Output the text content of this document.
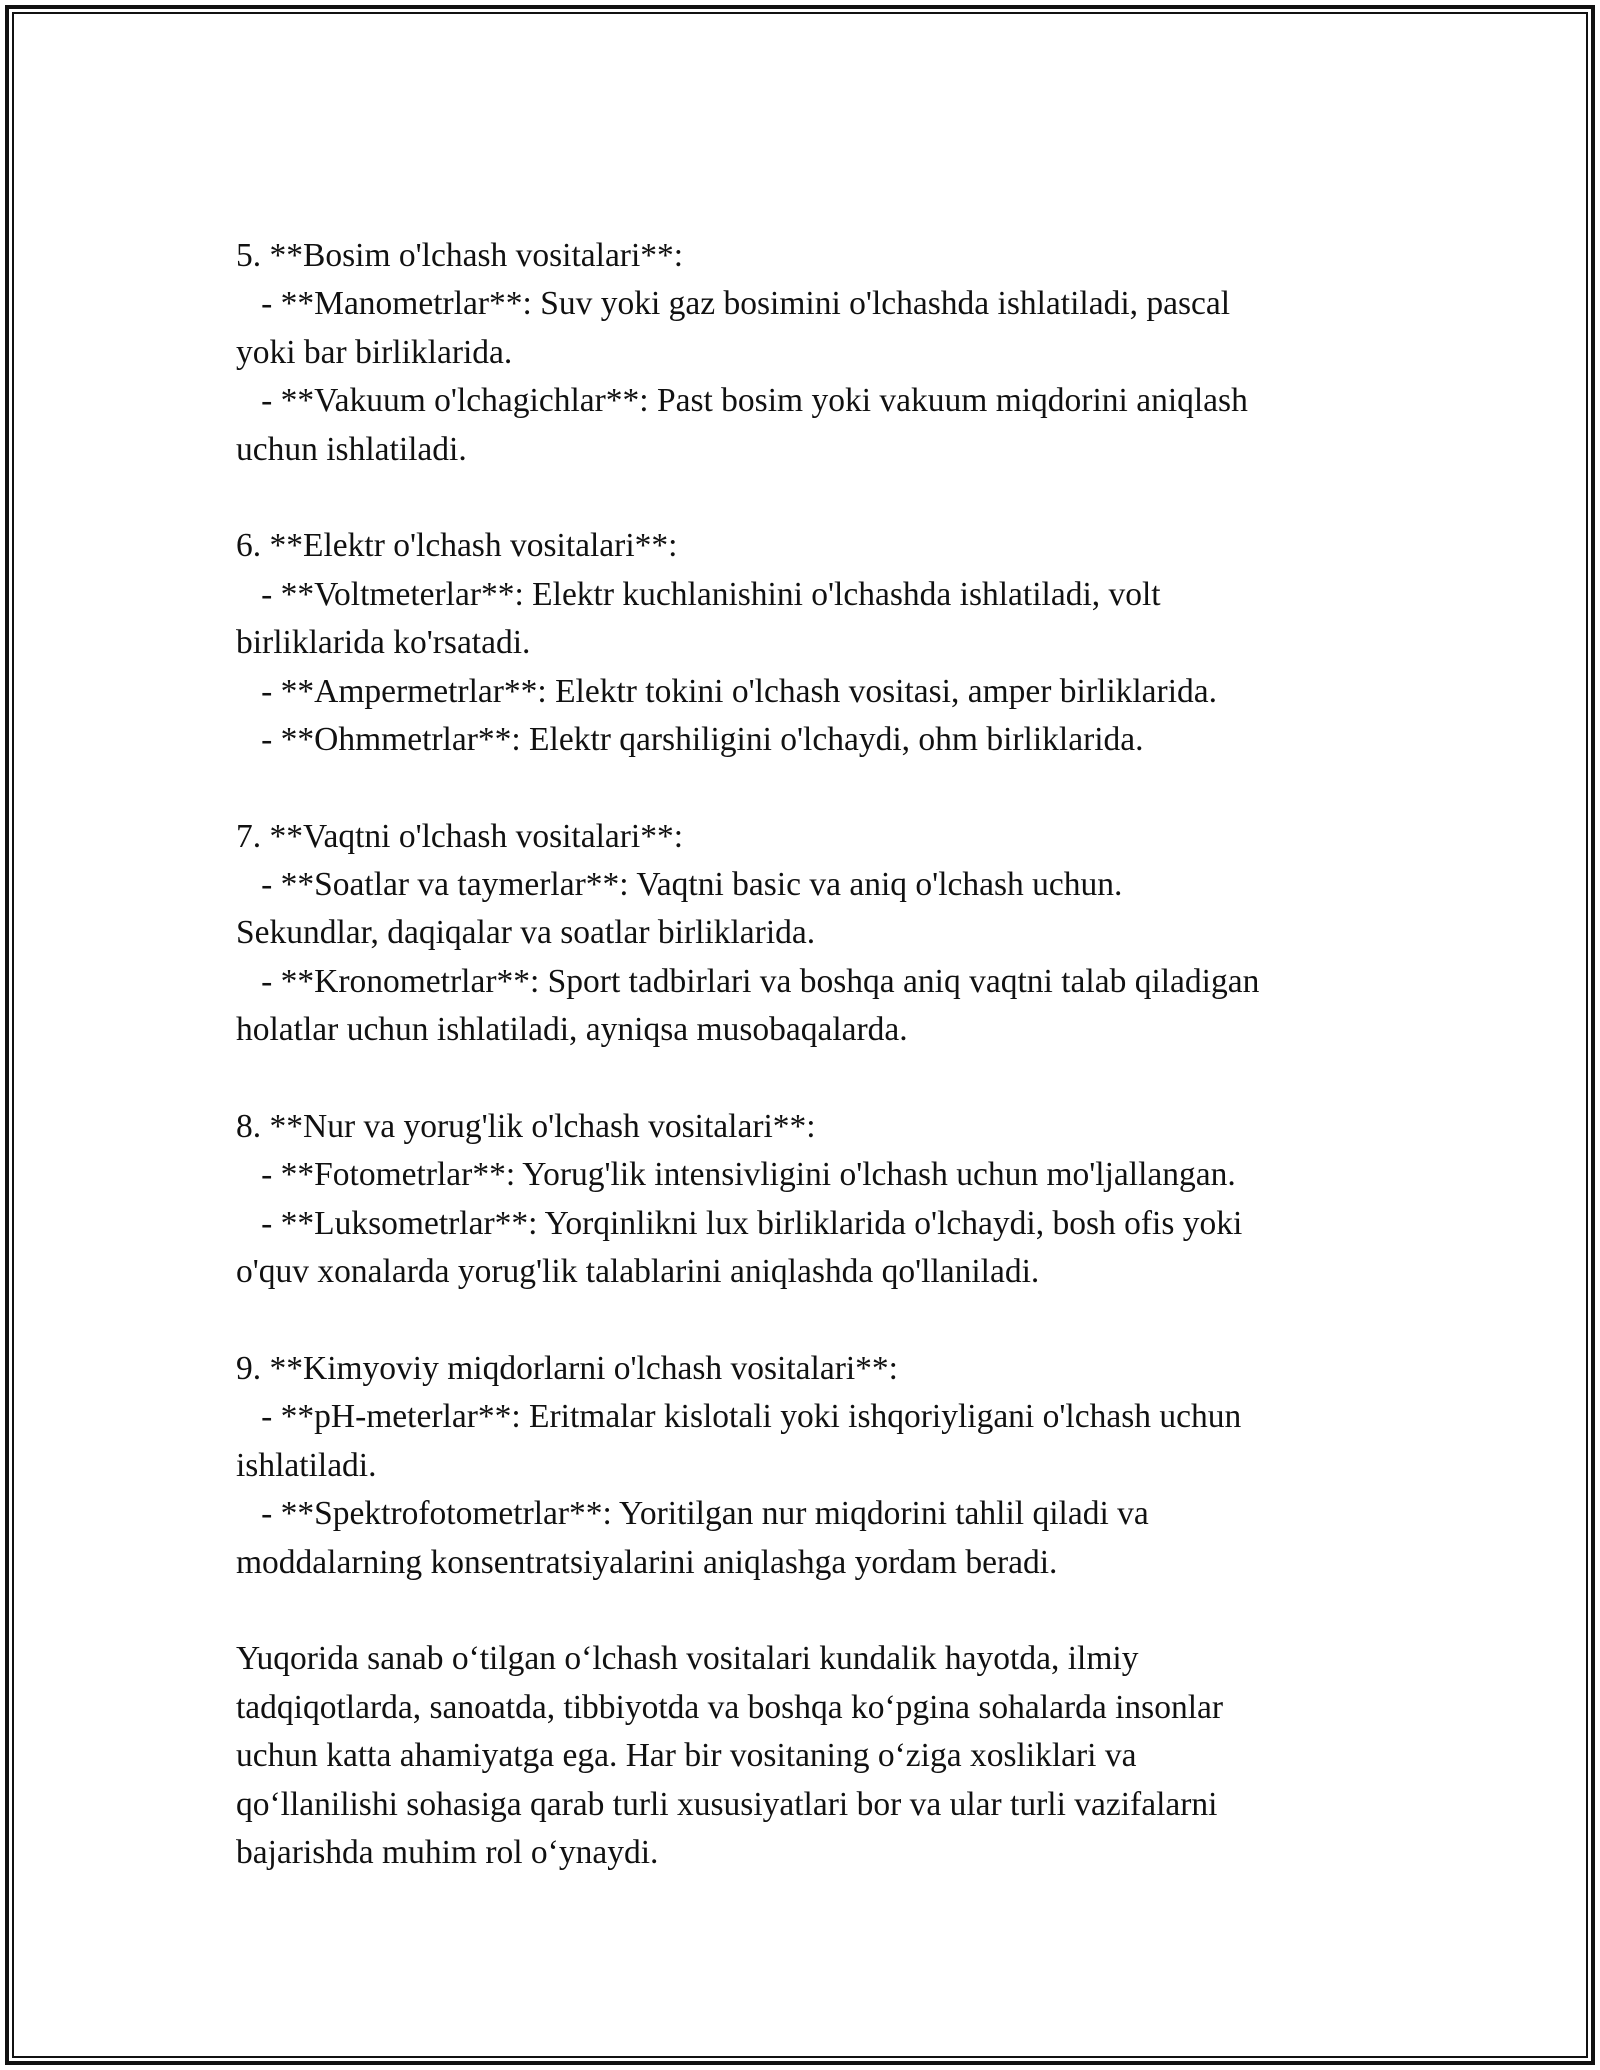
5. **Bosim o'lchash vositalari**:
- **Manometrlar**: Suv yoki gaz bosimini o'lchashda ishlatiladi, pascal
yoki bar birliklarida.
- **Vakuum o'lchagichlar**: Past bosim yoki vakuum miqdorini aniqlash
uchun ishlatiladi.
6. **Elektr o'lchash vositalari**:
- **Voltmeterlar**: Elektr kuchlanishini o'lchashda ishlatiladi, volt
birliklarida ko'rsatadi.
- **Ampermetrlar**: Elektr tokini o'lchash vositasi, amper birliklarida.
- **Ohmmetrlar**: Elektr qarshiligini o'lchaydi, ohm birliklarida.
7. **Vaqtni o'lchash vositalari**:
- **Soatlar va taymerlar**: Vaqtni basic va aniq o'lchash uchun.
Sekundlar, daqiqalar va soatlar birliklarida.
- **Kronometrlar**: Sport tadbirlari va boshqa aniq vaqtni talab qiladigan
holatlar uchun ishlatiladi, ayniqsa musobaqalarda.
8. **Nur va yorug'lik o'lchash vositalari**:
- **Fotometrlar**: Yorug'lik intensivligini o'lchash uchun mo'ljallangan.
- **Luksometrlar**: Yorqinlikni lux birliklarida o'lchaydi, bosh ofis yoki
o'quv xonalarda yorug'lik talablarini aniqlashda qo'llaniladi.
9. **Kimyoviy miqdorlarni o'lchash vositalari**:
- **pH-meterlar**: Eritmalar kislotali yoki ishqoriyligani o'lchash uchun
ishlatiladi.
- **Spektrofotometrlar**: Yoritilgan nur miqdorini tahlil qiladi va
moddalarning konsentratsiyalarini aniqlashga yordam beradi.
Yuqorida sanab o‘tilgan o‘lchash vositalari kundalik hayotda, ilmiy
tadqiqotlarda, sanoatda, tibbiyotda va boshqa ko‘pgina sohalarda insonlar
uchun katta ahamiyatga ega. Har bir vositaning o‘ziga xosliklari va
qo‘llanilishi sohasiga qarab turli xususiyatlari bor va ular turli vazifalarni
bajarishda muhim rol o‘ynaydi.
